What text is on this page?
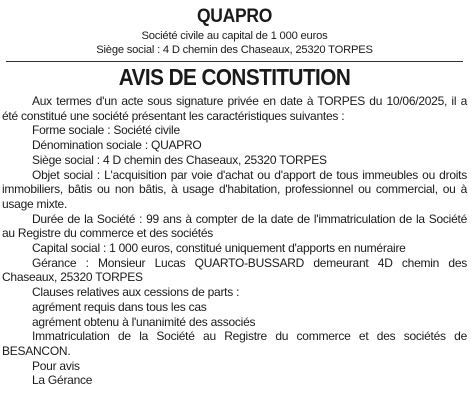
QUAPRO
Société civile au capital de 1 000 euros
Siège social : 4 D chemin des Chaseaux, 25320 TORPES
AVIS DE CONSTITUTION

Aux termes d'un acte sous signature privée en date à TORPES du 10/06/2025, il a été constitué une société présentant les caractéristiques suivantes :

Forme sociale : Société civile

Dénomination sociale : QUAPRO

Siège social : 4 D chemin des Chaseaux, 25320 TORPES

Objet social : L'acquisition par voie d'achat ou d'apport de tous immeubles ou droits immobiliers, bâtis ou non bâtis, à usage d'habitation, professionnel ou commercial, ou à usage mixte.

Durée de la Société : 99 ans à compter de la date de l'immatriculation de la Société au Registre du commerce et des sociétés

Capital social : 1 000 euros, constitué uniquement d'apports en numéraire

Gérance : Monsieur Lucas QUARTO-BUSSARD demeurant 4D chemin des Chaseaux, 25320 TORPES

Clauses relatives aux cessions de parts :

agrément requis dans tous les cas

agrément obtenu à l'unanimité des associés

Immatriculation de la Société au Registre du commerce et des sociétés de BESANCON.

Pour avis

La Gérance
